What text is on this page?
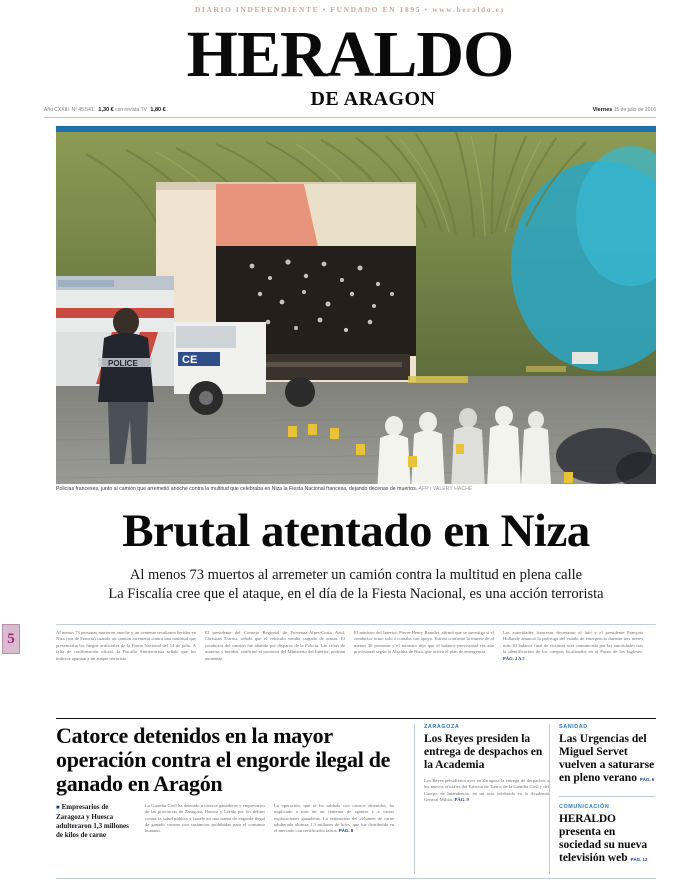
DIARIO INDEPENDIENTE • FUNDADO EN 1895 • www.heraldo.es
HERALDO
DE ARAGON
Año CXXIII. Nº 45.541. 1,30 € con revista TV 1,80 €	Viernes 15 de julio de 2016
CE
POLICE
Policías franceses, junto al camión que arremetió anoche contra la multitud que celebraba en Niza la Fiesta Nacional francesa, dejando decenas de muertos. AFP / VALERY HACHE
Brutal atentado en Niza
Al menos 73 muertos al arremeter un camión contra la multitud en plena calle
La Fiscalía cree que el ataque, en el día de la Fiesta Nacional, es una acción terrorista
Al menos 73 personas murieron anoche y un centenar resultaron heridas en Niza (sur de Francia) cuando un camión arremetió contra una multitud que presenciaba los fuegos artificiales de la Fiesta Nacional del 14 de julio. A falta de confirmación oficial, la Fiscalía Antiterrorista señaló que los indicios apuntan a un ataque terrorista.
El presidente del Consejo Regional de Provenza-Alpes-Costa Azul, Christian Estrosi, señaló que el vehículo vendía cargado de armas. El conductor del camión fue abatido por disparos de la Policía. Las cifras de muertos y heridos, confirmó el portavoz del Ministerio del Interior, podrían aumentar.
El ministro del Interior, Pierre-Henry Brandet, afirmó que se investiga si el conductor actuó solo o contaba con apoyo. Estrosi confirmó la muerte de al menos 30 personas y el ministro dijo que el balance provisional era aún provisional según la Alcaldía de Niza, que activó el plan de emergencia.
Las autoridades francesas decretaron el luto y el presidente François Hollande anunció la prórroga del estado de emergencia durante tres meses más. El balance final de víctimas será comunicado por las autoridades tras la identificación de los cuerpos localizados en el Paseo de los Ingleses. PÁG. 2 A 5
Catorce detenidos en la mayor operación contra el engorde ilegal de ganado en Aragón
■ Empresarios de Zaragoza y Huesca adulteraron 1,3 millones de kilos de carne
La Guardia Civil ha detenido a catorce ganaderos y empresarios de las provincias de Zaragoza, Huesca y Lérida por los delitos contra la salud pública y fraude en una trama de engorde ilegal de ganado vacuno con sustancias prohibidas para el consumo humano.
La operación, que se ha saldado con catorce detenidos, ha implicado a más de un centenar de agentes y a varias explotaciones ganaderas. La estimación del volumen de carne adulterada alcanza 1,3 millones de kilos, que fue distribuida en el mercado con certificados falsos. PÁG. 8
ZARAGOZA
Los Reyes presiden la entrega de despachos en la Academia
Los Reyes presidieron ayer en Zaragoza la entrega de despachos a los nuevos oficiales del Ejército de Tierra, de la Guardia Civil y del Cuerpo de Intendencia, en un acto celebrado en la Academia General Militar. PÁG. 9
SANIDAD
Las Urgencias del Miguel Servet vuelven a saturarse en pleno verano PÁG. 6
COMUNICACIÓN
HERALDO presenta en sociedad su nueva televisión web PÁG. 12
5
